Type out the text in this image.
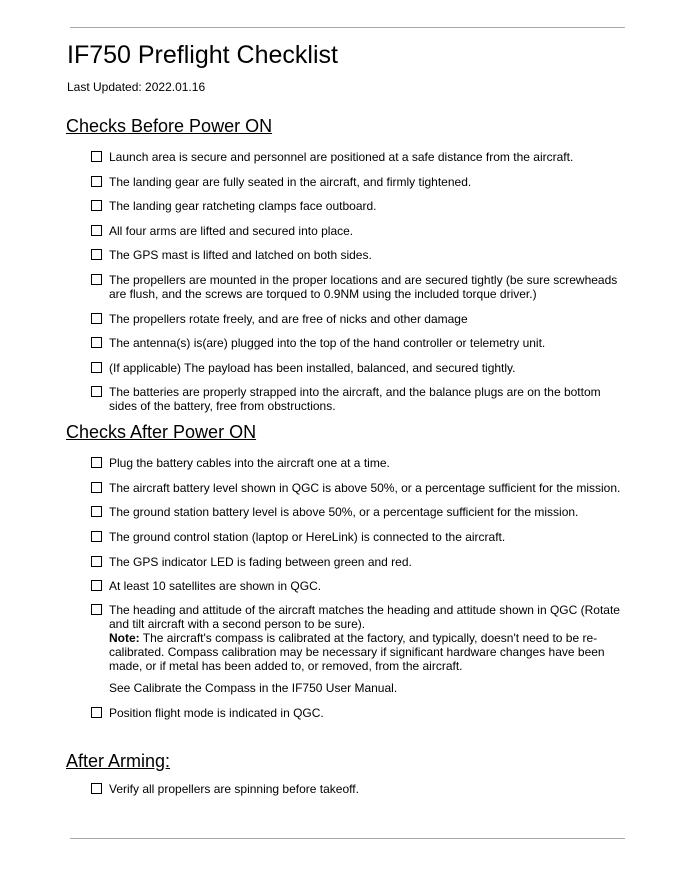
IF750 Preflight Checklist
Last Updated: 2022.01.16
Checks Before Power ON
Launch area is secure and personnel are positioned at a safe distance from the aircraft.
The landing gear are fully seated in the aircraft, and firmly tightened.
The landing gear ratcheting clamps face outboard.
All four arms are lifted and secured into place.
The GPS mast is lifted and latched on both sides.
The propellers are mounted in the proper locations and are secured tightly (be sure screwheads are flush, and the screws are torqued to 0.9NM using the included torque driver.)
The propellers rotate freely, and are free of nicks and other damage
The antenna(s) is(are) plugged into the top of the hand controller or telemetry unit.
(If applicable) The payload has been installed, balanced, and secured tightly.
The batteries are properly strapped into the aircraft, and the balance plugs are on the bottom sides of the battery, free from obstructions.
Checks After Power ON
Plug the battery cables into the aircraft one at a time.
The aircraft battery level shown in QGC is above 50%, or a percentage sufficient for the mission.
The ground station battery level is above 50%, or a percentage sufficient for the mission.
The ground control station (laptop or HereLink) is connected to the aircraft.
The GPS indicator LED is fading between green and red.
At least 10 satellites are shown in QGC.
The heading and attitude of the aircraft matches the heading and attitude shown in QGC (Rotate and tilt aircraft with a second person to be sure).
Note: The aircraft's compass is calibrated at the factory, and typically, doesn't need to be re-calibrated. Compass calibration may be necessary if significant hardware changes have been made, or if metal has been added to, or removed, from the aircraft.
See Calibrate the Compass in the IF750 User Manual.
Position flight mode is indicated in QGC.
After Arming:
Verify all propellers are spinning before takeoff.
